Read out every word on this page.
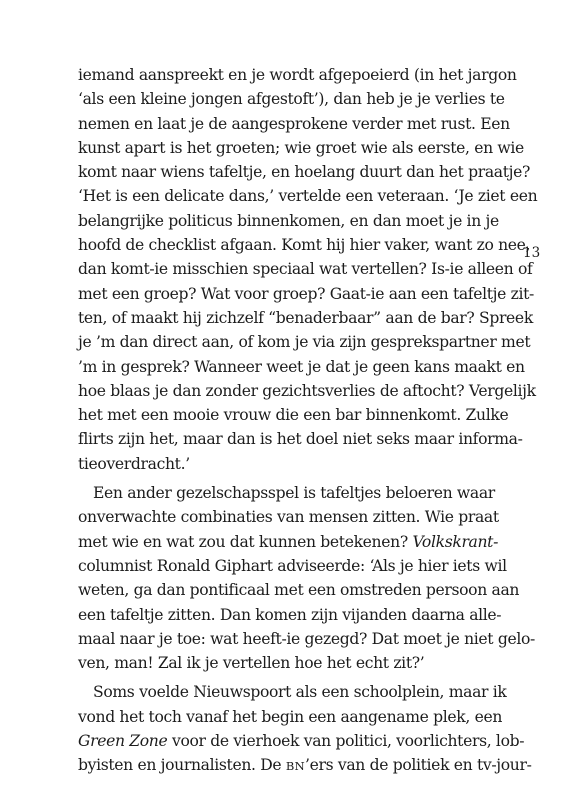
iemand aanspreekt en je wordt afgepoeierd (in het jargon
‘als een kleine jongen afgestoft’), dan heb je je verlies te
nemen en laat je de aangesprokene verder met rust. Een
kunst apart is het groeten; wie groet wie als eerste, en wie
komt naar wiens tafeltje, en hoelang duurt dan het praatje?
‘Het is een delicate dans,’ vertelde een veteraan. ‘Je ziet een
belangrijke politicus binnenkomen, en dan moet je in je
hoofd de checklist afgaan. Komt hij hier vaker, want zo nee,
dan komt-ie misschien speciaal wat vertellen? Is-ie alleen of
met een groep? Wat voor groep? Gaat-ie aan een tafeltje zit-
ten, of maakt hij zichzelf “benaderbaar” aan de bar? Spreek
je ’m dan direct aan, of kom je via zijn gesprekspartner met
’m in gesprek? Wanneer weet je dat je geen kans maakt en
hoe blaas je dan zonder gezichtsverlies de aftocht? Vergelijk
het met een mooie vrouw die een bar binnenkomt. Zulke
flirts zijn het, maar dan is het doel niet seks maar informa-
tieoverdracht.’
Een ander gezelschapsspel is tafeltjes beloeren waar
onverwachte combinaties van mensen zitten. Wie praat
met wie en wat zou dat kunnen betekenen? Volkskrant-
columnist Ronald Giphart adviseerde: ‘Als je hier iets wil
weten, ga dan pontificaal met een omstreden persoon aan
een tafeltje zitten. Dan komen zijn vijanden daarna alle-
maal naar je toe: wat heeft-ie gezegd? Dat moet je niet gelo-
ven, man! Zal ik je vertellen hoe het echt zit?’
Soms voelde Nieuwspoort als een schoolplein, maar ik
vond het toch vanaf het begin een aangename plek, een
Green Zone voor de vierhoek van politici, voorlichters, lob-
byisten en journalisten. De BN’ers van de politiek en tv-jour-
13
